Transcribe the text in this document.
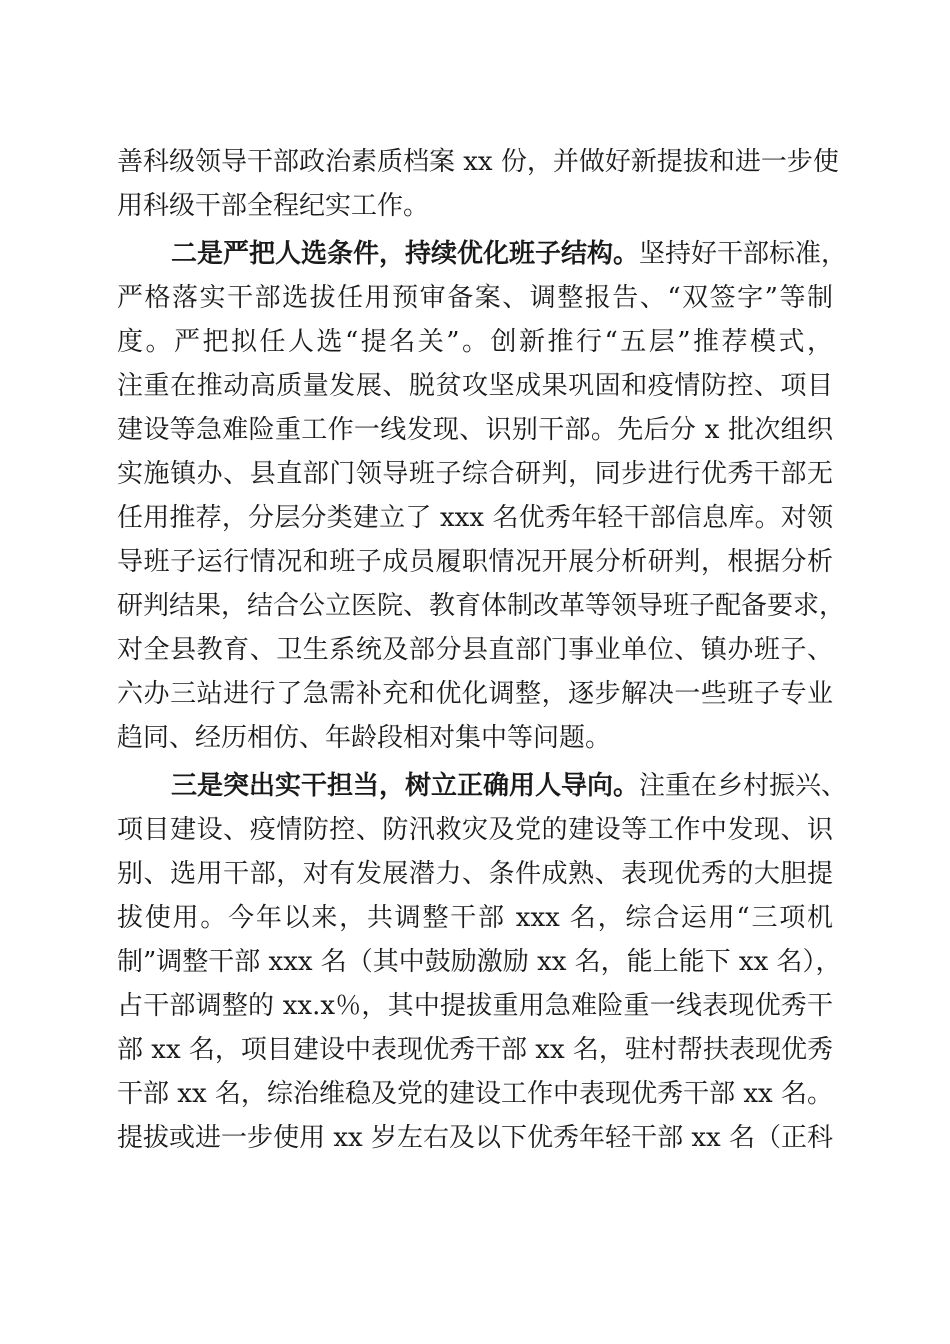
善科级领导干部政治素质档案 xx 份，并做好新提拔和进一步使
用科级干部全程纪实工作。
二是严把人选条件，持续优化班子结构。坚持好干部标准，
严格落实干部选拔任用预审备案、调整报告、“双签字”等制
度。严把拟任人选“提名关”。创新推行“五层”推荐模式，
注重在推动高质量发展、脱贫攻坚成果巩固和疫情防控、项目
建设等急难险重工作一线发现、识别干部。先后分 x 批次组织
实施镇办、县直部门领导班子综合研判，同步进行优秀干部无
任用推荐，分层分类建立了 xxx 名优秀年轻干部信息库。对领
导班子运行情况和班子成员履职情况开展分析研判，根据分析
研判结果，结合公立医院、教育体制改革等领导班子配备要求，
对全县教育、卫生系统及部分县直部门事业单位、镇办班子、
六办三站进行了急需补充和优化调整，逐步解决一些班子专业
趋同、经历相仿、年龄段相对集中等问题。
三是突出实干担当，树立正确用人导向。注重在乡村振兴、
项目建设、疫情防控、防汛救灾及党的建设等工作中发现、识
别、选用干部，对有发展潜力、条件成熟、表现优秀的大胆提
拔使用。今年以来，共调整干部 xxx 名，综合运用“三项机
制”调整干部 xxx 名（其中鼓励激励 xx 名，能上能下 xx 名），
占干部调整的 xx.x％，其中提拔重用急难险重一线表现优秀干
部 xx 名，项目建设中表现优秀干部 xx 名，驻村帮扶表现优秀
干部 xx 名，综治维稳及党的建设工作中表现优秀干部 xx 名。
提拔或进一步使用 xx 岁左右及以下优秀年轻干部 xx 名（正科
